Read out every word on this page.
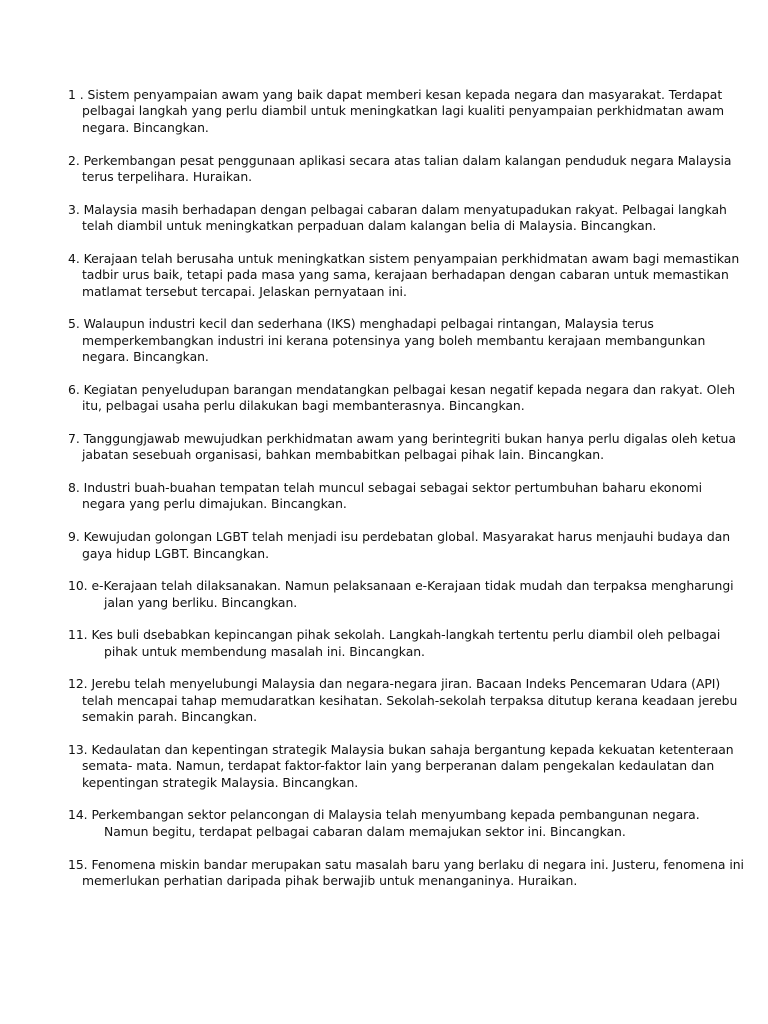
1 . Sistem penyampaian awam yang baik dapat memberi kesan kepada negara dan masyarakat. Terdapat
pelbagai langkah yang perlu diambil untuk meningkatkan lagi kualiti penyampaian perkhidmatan awam
negara. Bincangkan.
2. Perkembangan pesat penggunaan aplikasi secara atas talian dalam kalangan penduduk negara Malaysia
terus terpelihara. Huraikan.
3. Malaysia masih berhadapan dengan pelbagai cabaran dalam menyatupadukan rakyat. Pelbagai langkah
telah diambil untuk meningkatkan perpaduan dalam kalangan belia di Malaysia. Bincangkan.
4. Kerajaan telah berusaha untuk meningkatkan sistem penyampaian perkhidmatan awam bagi memastikan
tadbir urus baik, tetapi pada masa yang sama, kerajaan berhadapan dengan cabaran untuk memastikan
matlamat tersebut tercapai. Jelaskan pernyataan ini.
5. Walaupun industri kecil dan sederhana (IKS) menghadapi pelbagai rintangan, Malaysia terus
memperkembangkan industri ini kerana potensinya yang boleh membantu kerajaan membangunkan
negara. Bincangkan.
6. Kegiatan penyeludupan barangan mendatangkan pelbagai kesan negatif kepada negara dan rakyat. Oleh
itu, pelbagai usaha perlu dilakukan bagi membanterasnya. Bincangkan.
7. Tanggungjawab mewujudkan perkhidmatan awam yang berintegriti bukan hanya perlu digalas oleh ketua
jabatan sesebuah organisasi, bahkan membabitkan pelbagai pihak lain. Bincangkan.
8. Industri buah-buahan tempatan telah muncul sebagai sebagai sektor pertumbuhan baharu ekonomi
negara yang perlu dimajukan. Bincangkan.
9. Kewujudan golongan LGBT telah menjadi isu perdebatan global. Masyarakat harus menjauhi budaya dan
gaya hidup LGBT. Bincangkan.
10. e-Kerajaan telah dilaksanakan. Namun pelaksanaan e-Kerajaan tidak mudah dan terpaksa mengharungi
jalan yang berliku. Bincangkan.
11. Kes buli dsebabkan kepincangan pihak sekolah. Langkah-langkah tertentu perlu diambil oleh pelbagai
pihak untuk membendung masalah ini. Bincangkan.
12. Jerebu telah menyelubungi Malaysia dan negara-negara jiran. Bacaan Indeks Pencemaran Udara (API)
telah mencapai tahap memudaratkan kesihatan. Sekolah-sekolah terpaksa ditutup kerana keadaan jerebu
semakin parah. Bincangkan.
13. Kedaulatan dan kepentingan strategik Malaysia bukan sahaja bergantung kepada kekuatan ketenteraan
semata- mata. Namun, terdapat faktor-faktor lain yang berperanan dalam pengekalan kedaulatan dan
kepentingan strategik Malaysia. Bincangkan.
14. Perkembangan sektor pelancongan di Malaysia telah menyumbang kepada pembangunan negara.
Namun begitu, terdapat pelbagai cabaran dalam memajukan sektor ini. Bincangkan.
15. Fenomena miskin bandar merupakan satu masalah baru yang berlaku di negara ini. Justeru, fenomena ini
memerlukan perhatian daripada pihak berwajib untuk menanganinya. Huraikan.
